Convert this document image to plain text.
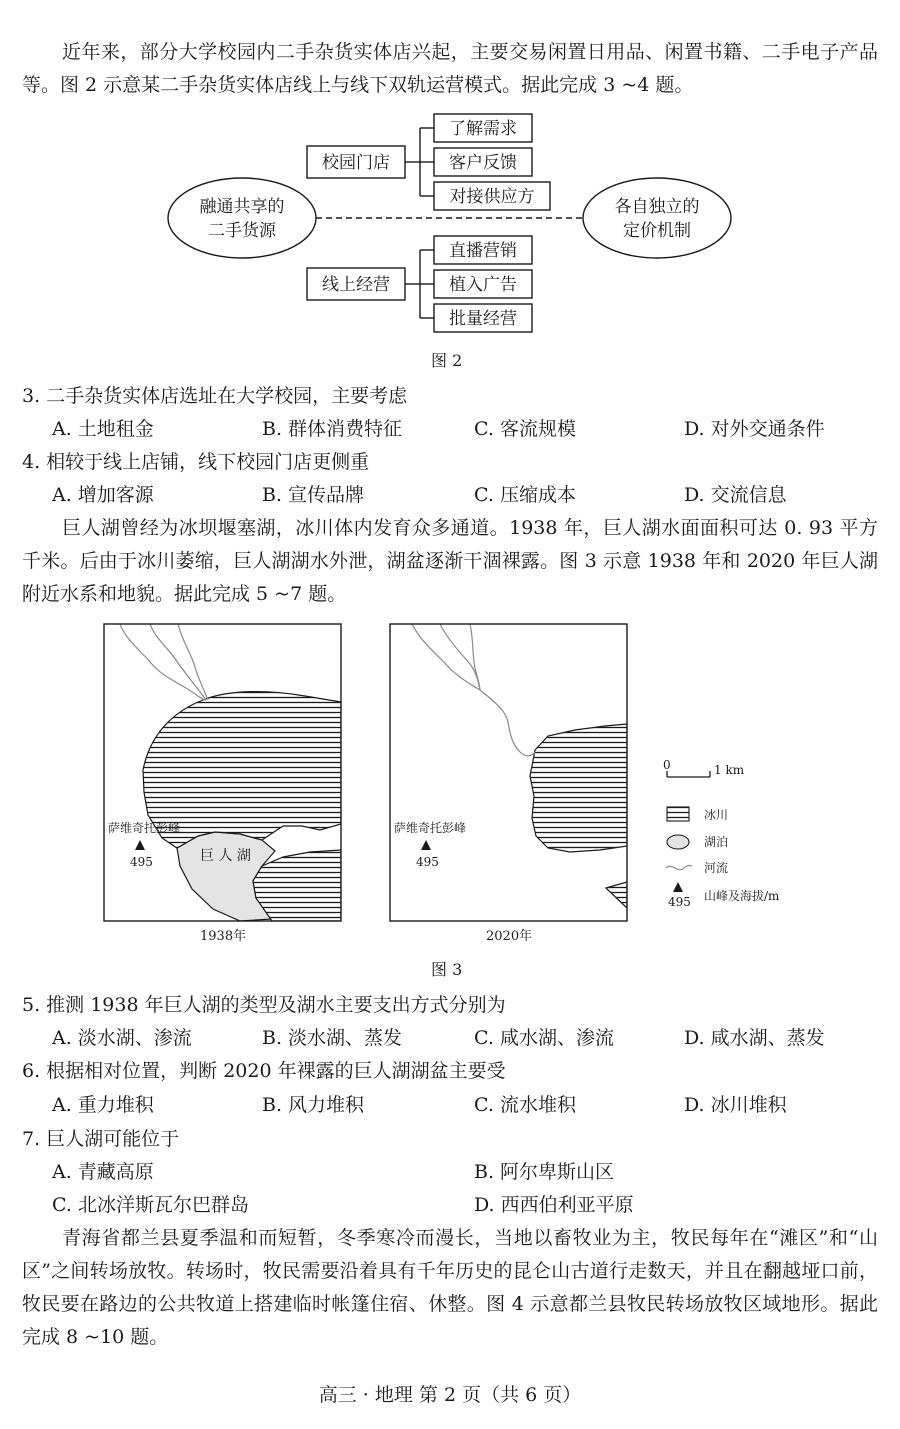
近年来，部分大学校园内二手杂货实体店兴起，主要交易闲置日用品、闲置书籍、二手电子产品等。图 2 示意某二手杂货实体店线上与线下双轨运营模式。据此完成 3 ~4 题。

融通共享的
二手货源
各自独立的
定价机制
校园门店
了解需求
客户反馈
对接供应方
线上经营
直播营销
植入广告
批量经营
图 2
3. 二手杂货实体店选址在大学校园，主要考虑
A. 土地租金	B. 群体消费特征	C. 客流规模	D. 对外交通条件
4. 相较于线上店铺，线下校园门店更侧重
A. 增加客源	B. 宣传品牌	C. 压缩成本	D. 交流信息

巨人湖曾经为冰坝堰塞湖，冰川体内发育众多通道。1938 年，巨人湖水面面积可达 0. 93 平方千米。后由于冰川萎缩，巨人湖湖水外泄，湖盆逐渐干涸裸露。图 3 示意 1938 年和 2020 年巨人湖附近水系和地貌。据此完成 5 ~7 题。

萨维奇托彭峰
495
萨维奇托彭峰
495
巨 人 湖
0	1 km
冰川
湖泊
河流
山峰及海拔/m
495
1938年	2020年
图 3
5. 推测 1938 年巨人湖的类型及湖水主要支出方式分别为
A. 淡水湖、渗流	B. 淡水湖、蒸发	C. 咸水湖、渗流	D. 咸水湖、蒸发
6. 根据相对位置，判断 2020 年裸露的巨人湖湖盆主要受
A. 重力堆积	B. 风力堆积	C. 流水堆积	D. 冰川堆积
7. 巨人湖可能位于
A. 青藏高原	B. 阿尔卑斯山区
C. 北冰洋斯瓦尔巴群岛	D. 西西伯利亚平原

青海省都兰县夏季温和而短暂，冬季寒冷而漫长，当地以畜牧业为主，牧民每年在“滩区”和“山区”之间转场放牧。转场时，牧民需要沿着具有千年历史的昆仑山古道行走数天，并且在翻越垭口前，牧民要在路边的公共牧道上搭建临时帐篷住宿、休整。图 4 示意都兰县牧民转场放牧区域地形。据此完成 8 ~10 题。

高三 · 地理 第 2 页（共 6 页）
